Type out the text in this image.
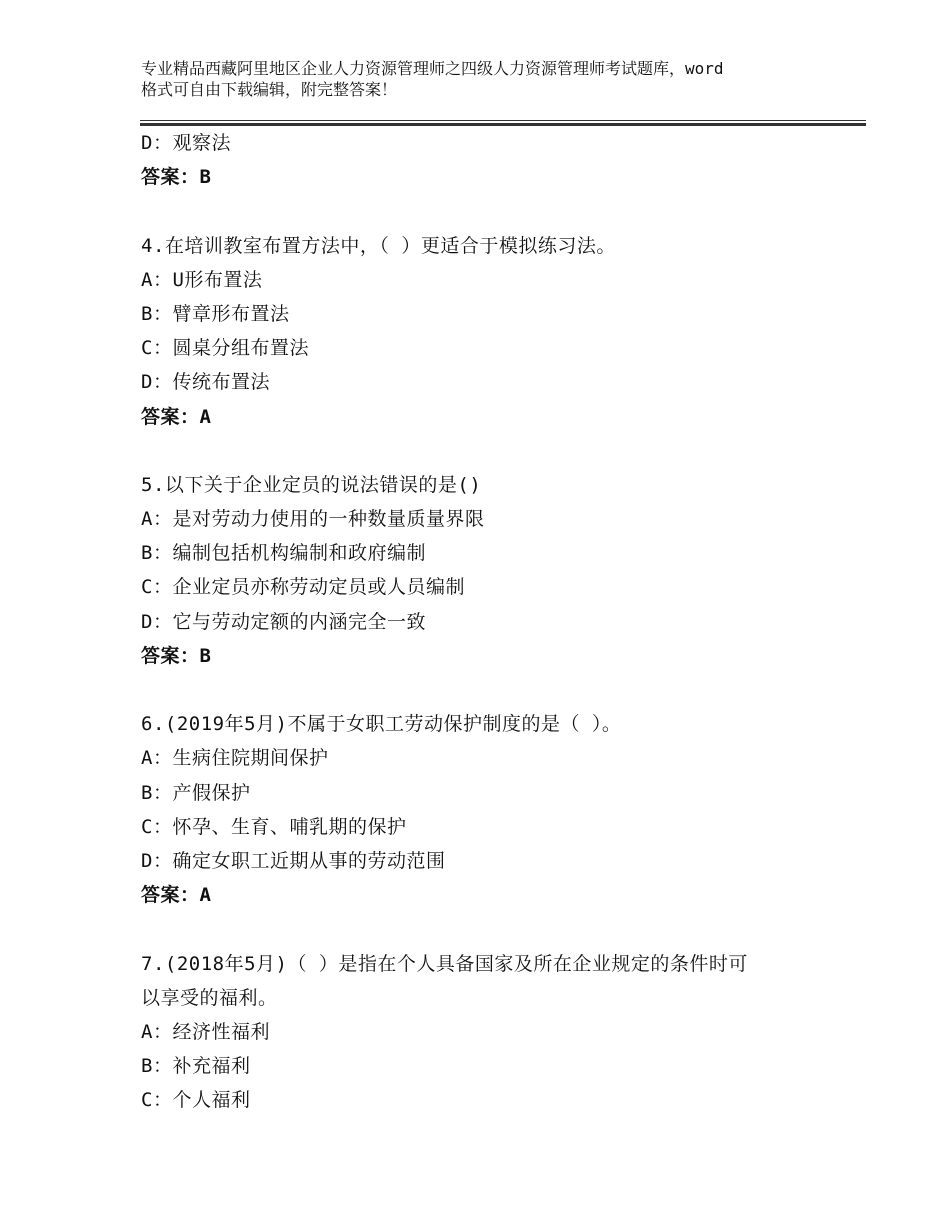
专业精品西藏阿里地区企业人力资源管理师之四级人力资源管理师考试题库，word
格式可自由下载编辑，附完整答案！
D：观察法
答案：B
4.在培训教室布置方法中，（ ）更适合于模拟练习法。
A：U形布置法
B：臂章形布置法
C：圆桌分组布置法
D：传统布置法
答案：A
5.以下关于企业定员的说法错误的是()
A：是对劳动力使用的一种数量质量界限
B：编制包括机构编制和政府编制
C：企业定员亦称劳动定员或人员编制
D：它与劳动定额的内涵完全一致
答案：B
6.(2019年5月)不属于女职工劳动保护制度的是（ ）。
A：生病住院期间保护
B：产假保护
C：怀孕、生育、哺乳期的保护
D：确定女职工近期从事的劳动范围
答案：A
7.(2018年5月)（ ）是指在个人具备国家及所在企业规定的条件时可
以享受的福利。
A：经济性福利
B：补充福利
C：个人福利
